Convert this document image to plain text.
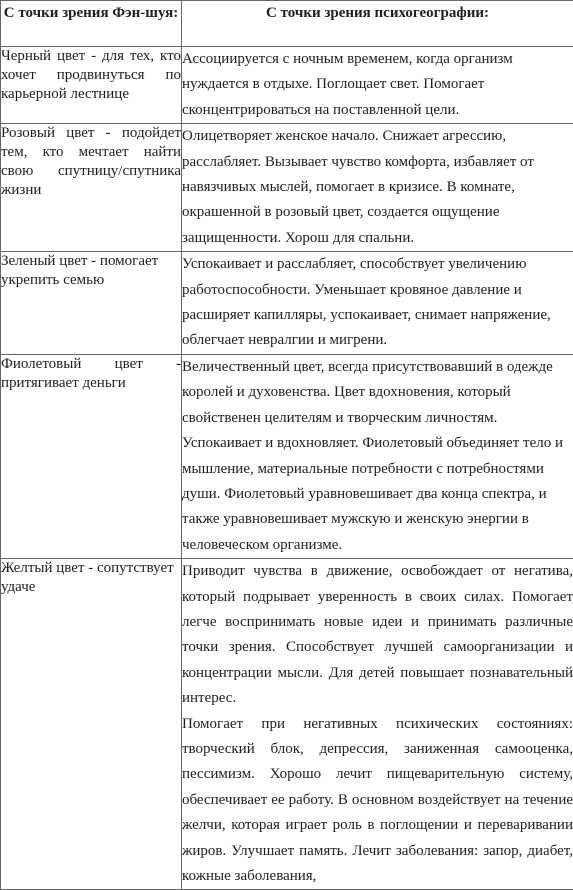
С точки зрения Фэн-шуя:	С точки зрения психогеографии:
Черный цвет - для тех, кто хочет продвинуться по карьерной лестнице	Ассоциируется с ночным временем, когда организм нуждается в отдыхе. Поглощает свет. Помогает сконцентрироваться на поставленной цели.

Розовый цвет - подойдет тем, кто мечтает найти свою спутницу/спутника жизни	Олицетворяет женское начало. Снижает агрессию, расслабляет. Вызывает чувство комфорта, избавляет от навязчивых мыслей, помогает в кризисе. В комнате, окрашенной в розовый цвет, создается ощущение защищенности. Хорош для спальни.

Зеленый цвет - помогает укрепить семью	Успокаивает и расслабляет, способствует увеличению работоспособности. Уменьшает кровяное давление и расширяет капилляры, успокаивает, снимает напряжение, облегчает невралгии и мигрени.

Фиолетовый цвет - притягивает деньги	Величественный цвет, всегда присутствовавший в одежде королей и духовенства. Цвет вдохновения, который свойственен целителям и творческим личностям. Успокаивает и вдохновляет. Фиолетовый объединяет тело и мышление, материальные потребности с потребностями души. Фиолетовый уравновешивает два конца спектра, и также уравновешивает мужскую и женскую энергии в человеческом организме.

Желтый цвет - сопутствует удаче	Приводит чувства в движение, освобождает от негатива, который подрывает уверенность в своих силах. Помогает легче воспринимать новые идеи и принимать различные точки зрения. Способствует лучшей самоорганизации и концентрации мысли. Для детей повышает познавательный интерес.
Помогает при негативных психических состояниях: творческий блок, депрессия, заниженная самооценка, пессимизм. Хорошо лечит пищеварительную систему, обеспечивает ее работу. В основном воздействует на течение желчи, которая играет роль в поглощении и переваривании жиров. Улучшает память. Лечит заболевания: запор, диабет, кожные заболевания,
